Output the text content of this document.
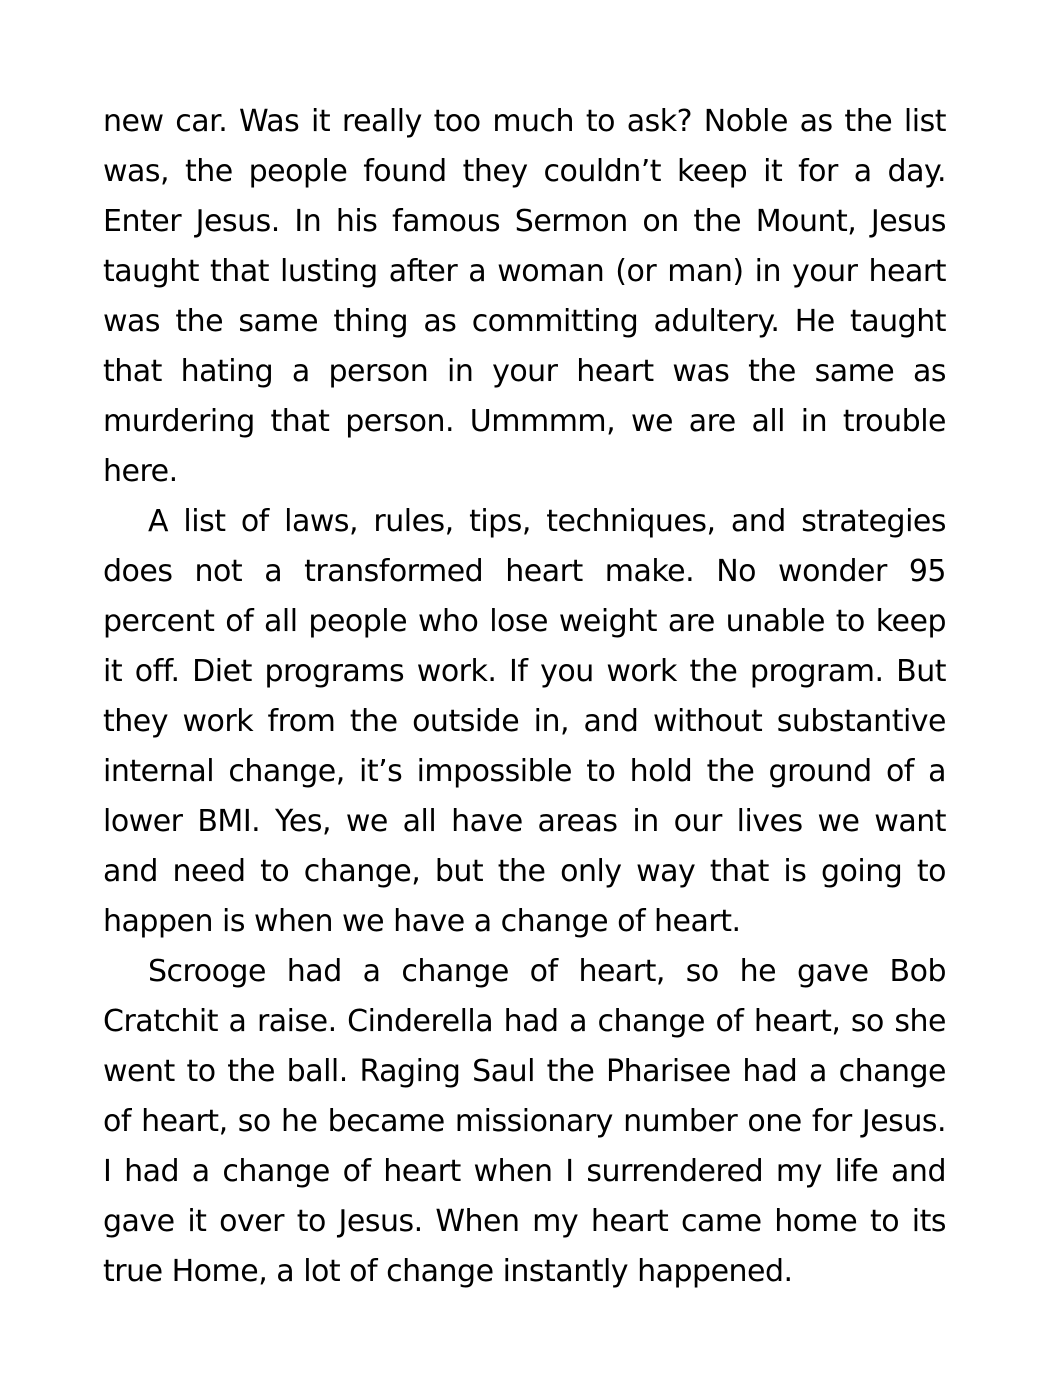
new car. Was it really too much to ask? Noble as the list was, the people found they couldn’t keep it for a day. Enter Jesus. In his famous Sermon on the Mount, Jesus taught that lusting after a woman (or man) in your heart was the same thing as committing adultery. He taught that hating a person in your heart was the same as murdering that person. Ummmm, we are all in trouble here.

A list of laws, rules, tips, techniques, and strategies does not a transformed heart make. No wonder 95 percent of all people who lose weight are unable to keep it off. Diet programs work. If you work the program. But they work from the outside in, and without substantive internal change, it’s impossible to hold the ground of a lower BMI. Yes, we all have areas in our lives we want and need to change, but the only way that is going to happen is when we have a change of heart.

Scrooge had a change of heart, so he gave Bob Cratchit a raise. Cinderella had a change of heart, so she went to the ball. Raging Saul the Pharisee had a change of heart, so he became missionary number one for Jesus. I had a change of heart when I surrendered my life and gave it over to Jesus. When my heart came home to its true Home, a lot of change instantly happened.
